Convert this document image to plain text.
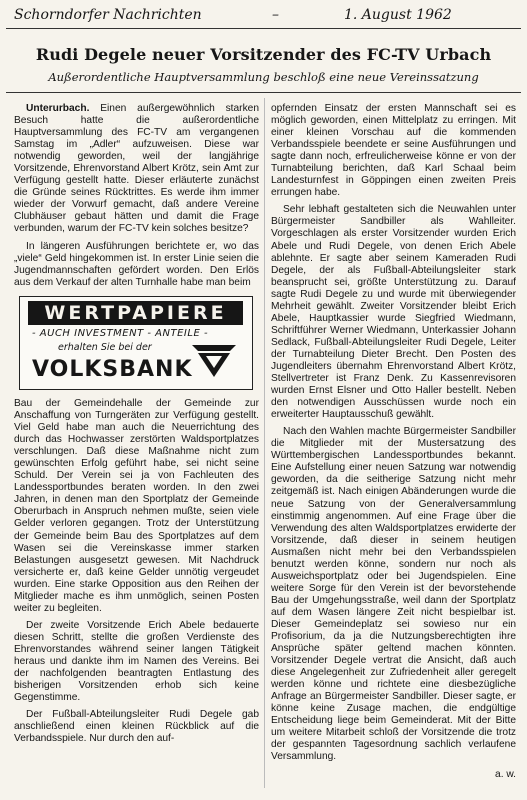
Schorndorfer Nachrichten	–	1. August 1962
Rudi Degele neuer Vorsitzender des FC-TV Urbach
Außerordentliche Hauptversammlung beschloß eine neue Vereinssatzung

Unterurbach. Einen außergewöhnlich starken Besuch hatte die außerordentliche Hauptversammlung des FC-TV am vergangenen Samstag im „Adler“ aufzuweisen. Diese war notwendig geworden, weil der langjährige Vorsitzende, Ehrenvorstand Albert Krötz, sein Amt zur Verfügung gestellt hatte. Dieser erläuterte zunächst die Gründe seines Rücktrittes. Es werde ihm immer wieder der Vorwurf gemacht, daß andere Vereine Clubhäuser gebaut hätten und damit die Frage verbunden, warum der FC-TV kein solches besitze?

In längeren Ausführungen berichtete er, wo das „viele“ Geld hingekommen ist. In erster Linie seien die Jugendmannschaften gefördert worden. Den Erlös aus dem Verkauf der alten Turnhalle habe man beim

WERTPAPIERE
- AUCH INVESTMENT - ANTEILE -
erhalten Sie bei der
VOLKSBANK

Bau der Gemeindehalle der Gemeinde zur Anschaffung von Turngeräten zur Verfügung gestellt. Viel Geld habe man auch die Neuerrichtung des durch das Hochwasser zerstörten Waldsportplatzes verschlungen. Daß diese Maßnahme nicht zum gewünschten Erfolg geführt habe, sei nicht seine Schuld. Der Verein sei ja von Fachleuten des Landessportbundes beraten worden. In den zwei Jahren, in denen man den Sportplatz der Gemeinde Oberurbach in Anspruch nehmen mußte, seien viele Gelder verloren gegangen. Trotz der Unterstützung der Gemeinde beim Bau des Sportplatzes auf dem Wasen sei die Vereinskasse immer starken Belastungen ausgesetzt gewesen. Mit Nachdruck versicherte er, daß keine Gelder unnötig vergeudet wurden. Eine starke Opposition aus den Reihen der Mitglieder mache es ihm unmöglich, seinen Posten weiter zu begleiten.

Der zweite Vorsitzende Erich Abele bedauerte diesen Schritt, stellte die großen Verdienste des Ehrenvorstandes während seiner langen Tätigkeit heraus und dankte ihm im Namen des Vereins. Bei der nachfolgenden beantragten Entlastung des bisherigen Vorsitzenden erhob sich keine Gegenstimme.

Der Fußball-Abteilungsleiter Rudi Degele gab anschließend einen kleinen Rückblick auf die Verbandsspiele. Nur durch den auf-

opfernden Einsatz der ersten Mannschaft sei es möglich geworden, einen Mittelplatz zu erringen. Mit einer kleinen Vorschau auf die kommenden Verbandsspiele beendete er seine Ausführungen und sagte dann noch, erfreulicherweise könne er von der Turnabteilung berichten, daß Karl Schaal beim Landesturnfest in Göppingen einen zweiten Preis errungen habe.

Sehr lebhaft gestalteten sich die Neuwahlen unter Bürgermeister Sandbiller als Wahlleiter. Vorgeschlagen als erster Vorsitzender wurden Erich Abele und Rudi Degele, von denen Erich Abele ablehnte. Er sagte aber seinem Kameraden Rudi Degele, der als Fußball-Abteilungsleiter stark beansprucht sei, größte Unterstützung zu. Darauf sagte Rudi Degele zu und wurde mit überwiegender Mehrheit gewählt. Zweiter Vorsitzender bleibt Erich Abele, Hauptkassier wurde Siegfried Wiedmann, Schriftführer Werner Wiedmann, Unterkassier Johann Sedlack, Fußball-Abteilungsleiter Rudi Degele, Leiter der Turnabteilung Dieter Brecht. Den Posten des Jugendleiters übernahm Ehrenvorstand Albert Krötz, Stellvertreter ist Franz Denk. Zu Kassenrevisoren wurden Ernst Elsner und Otto Haller bestellt. Neben den notwendigen Ausschüssen wurde noch ein erweiterter Hauptausschuß gewählt.

Nach den Wahlen machte Bürgermeister Sandbiller die Mitglieder mit der Mustersatzung des Württembergischen Landessportbundes bekannt. Eine Aufstellung einer neuen Satzung war notwendig geworden, da die seitherige Satzung nicht mehr zeitgemäß ist. Nach einigen Abänderungen wurde die neue Satzung von der Generalversammlung einstimmig angenommen. Auf eine Frage über die Verwendung des alten Waldsportplatzes erwiderte der Vorsitzende, daß dieser in seinem heutigen Ausmaßen nicht mehr bei den Verbandsspielen benutzt werden könne, sondern nur noch als Ausweichsportplatz oder bei Jugendspielen. Eine weitere Sorge für den Verein ist der bevorstehende Bau der Umgehungsstraße, weil dann der Sportplatz auf dem Wasen längere Zeit nicht bespielbar ist. Dieser Gemeindeplatz sei sowieso nur ein Profisorium, da ja die Nutzungsberechtigten ihre Ansprüche später geltend machen könnten. Vorsitzender Degele vertrat die Ansicht, daß auch diese Angelegenheit zur Zufriedenheit aller geregelt werden könne und richtete eine diesbezügliche Anfrage an Bürgermeister Sandbiller. Dieser sagte, er könne keine Zusage machen, die endgültige Entscheidung liege beim Gemeinderat. Mit der Bitte um weitere Mitarbeit schloß der Vorsitzende die trotz der gespannten Tagesordnung sachlich verlaufene Versammlung.

a. w.
